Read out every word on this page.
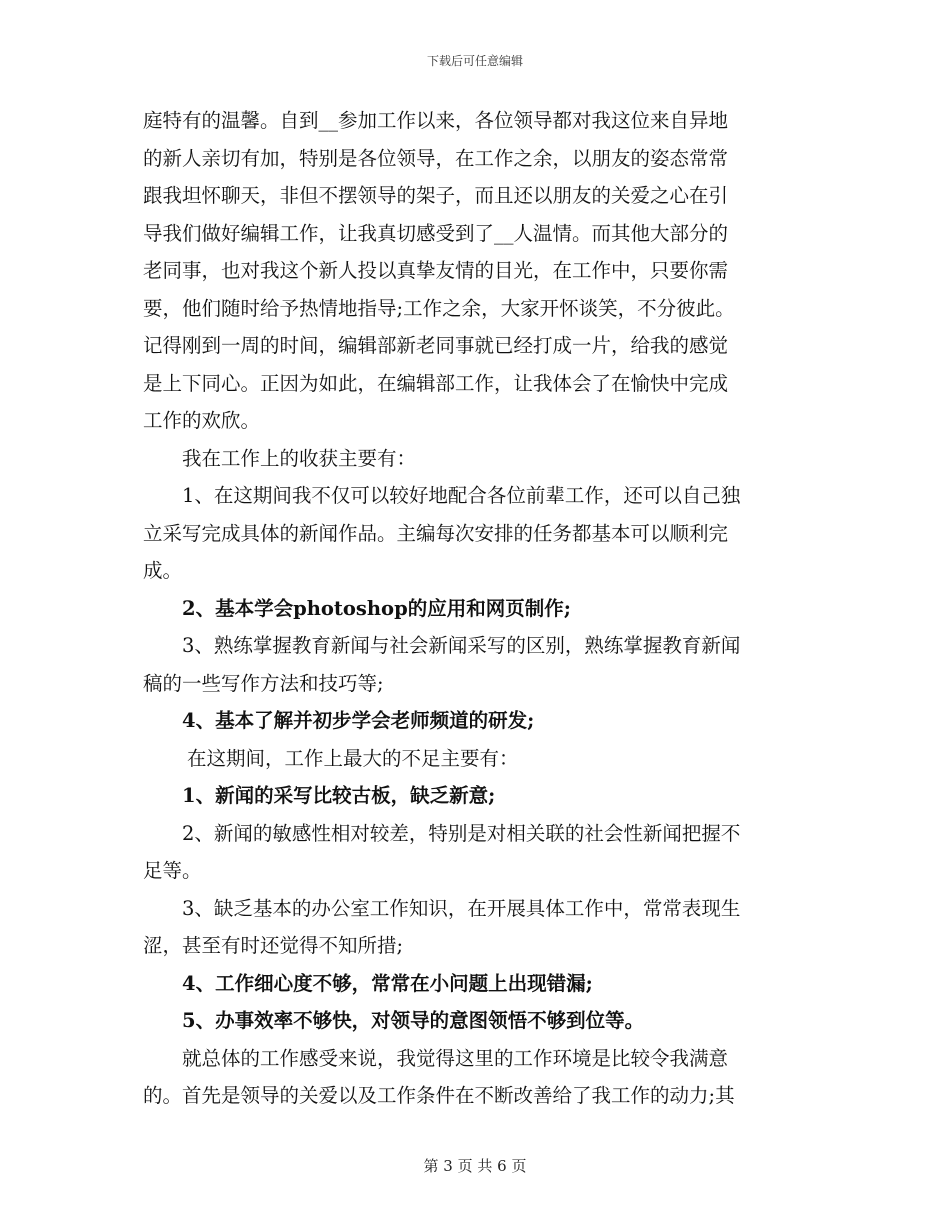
下载后可任意编辑
庭特有的温馨。自到__参加工作以来，各位领导都对我这位来自异地
的新人亲切有加，特别是各位领导，在工作之余，以朋友的姿态常常
跟我坦怀聊天，非但不摆领导的架子，而且还以朋友的关爱之心在引
导我们做好编辑工作，让我真切感受到了__人温情。而其他大部分的
老同事，也对我这个新人投以真挚友情的目光，在工作中，只要你需
要，他们随时给予热情地指导;工作之余，大家开怀谈笑，不分彼此。
记得刚到一周的时间，编辑部新老同事就已经打成一片，给我的感觉
是上下同心。正因为如此，在编辑部工作，让我体会了在愉快中完成
工作的欢欣。
我在工作上的收获主要有：
1、在这期间我不仅可以较好地配合各位前辈工作，还可以自己独
立采写完成具体的新闻作品。主编每次安排的任务都基本可以顺利完
成。
2、基本学会photoshop的应用和网页制作;
3、熟练掌握教育新闻与社会新闻采写的区别，熟练掌握教育新闻
稿的一些写作方法和技巧等;
4、基本了解并初步学会老师频道的研发;
在这期间，工作上最大的不足主要有：
1、新闻的采写比较古板，缺乏新意;
2、新闻的敏感性相对较差，特别是对相关联的社会性新闻把握不
足等。
3、缺乏基本的办公室工作知识，在开展具体工作中，常常表现生
涩，甚至有时还觉得不知所措;
4、工作细心度不够，常常在小问题上出现错漏;
5、办事效率不够快，对领导的意图领悟不够到位等。
就总体的工作感受来说，我觉得这里的工作环境是比较令我满意
的。首先是领导的关爱以及工作条件在不断改善给了我工作的动力;其
第 3 页 共 6 页
